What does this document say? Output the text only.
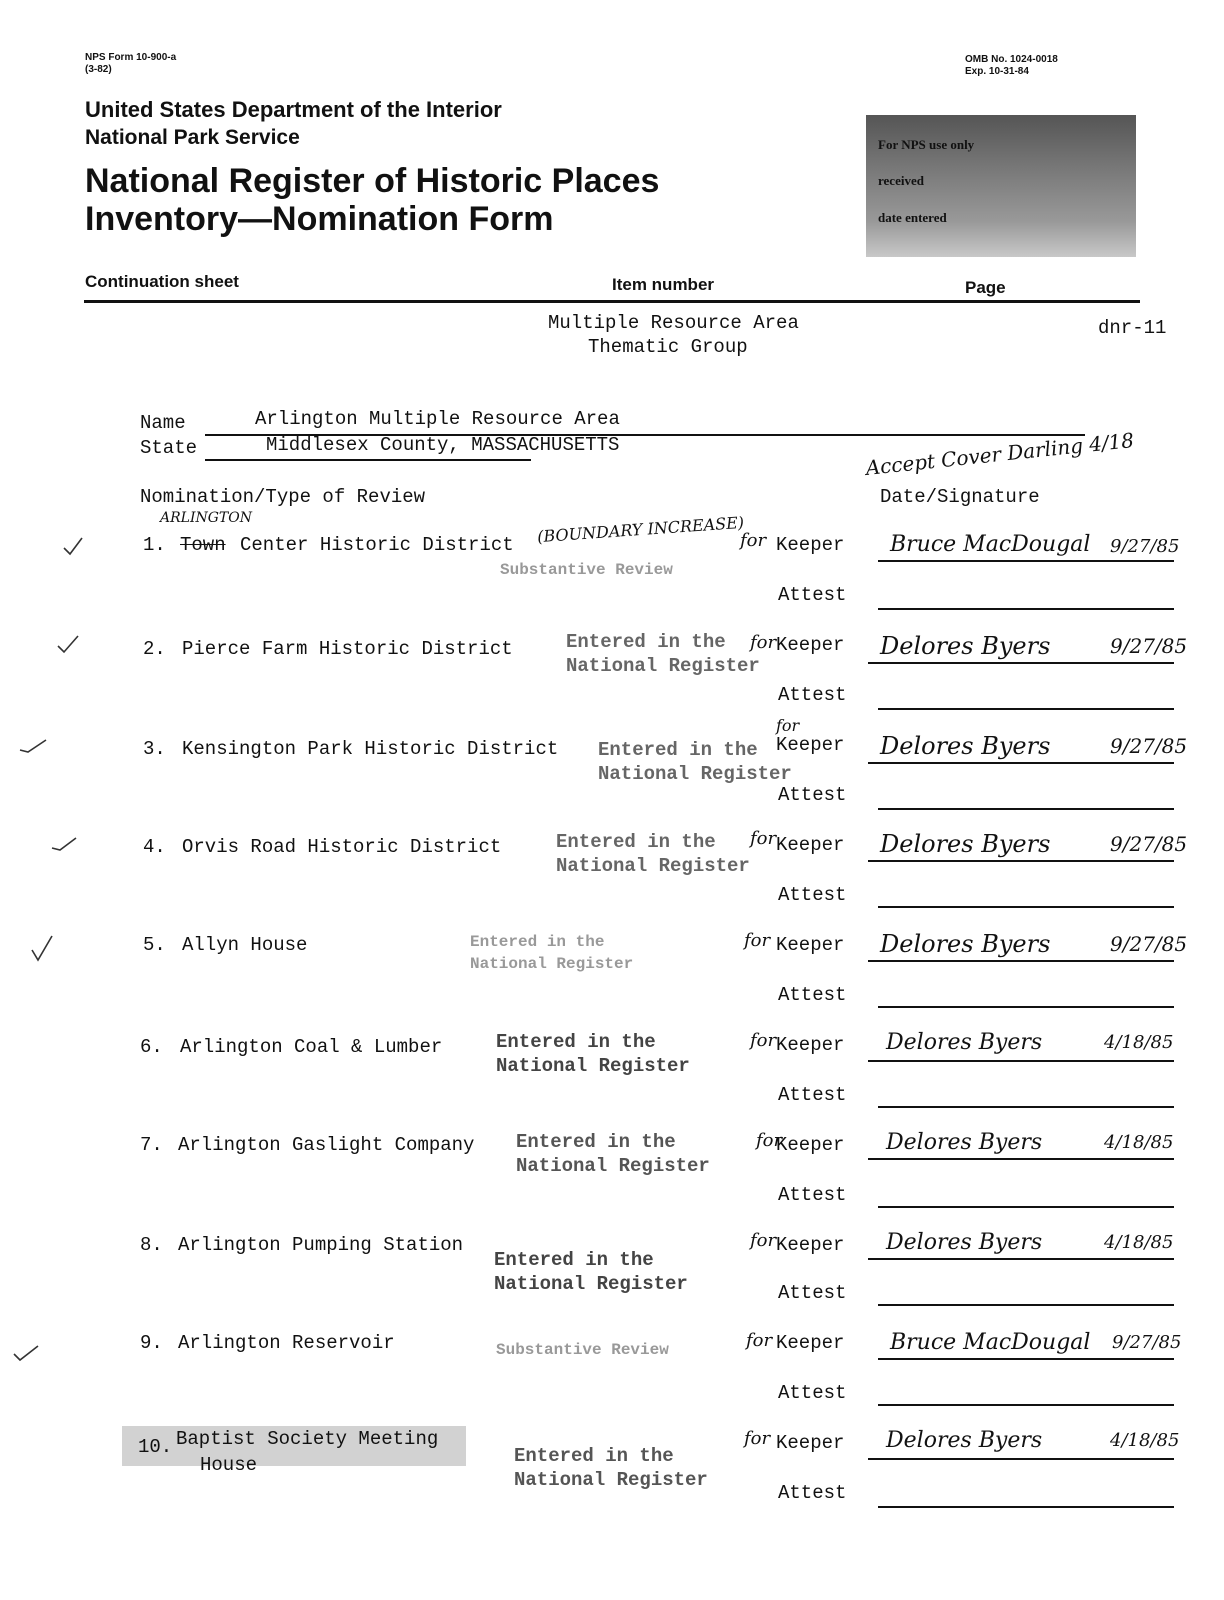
NPS Form 10-900-a
(3-82)
OMB No. 1024-0018
Exp. 10-31-84
United States Department of the Interior
National Park Service
National Register of Historic Places
Inventory—Nomination Form
For NPS use only
received
date entered
Continuation sheet	Item number	Page
Multiple Resource Area
Thematic Group
dnr-11
Name	Arlington Multiple Resource Area
State	Middlesex County, MASSACHUSETTS	Accept Cover Darling 4/18
Nomination/Type of Review	Date/Signature
1.
ARLINGTON
Town Center Historic District (BOUNDARY INCREASE)
Substantive Review
for Keeper Bruce MacDougal 9/27/85
Attest
2. Pierce Farm Historic District	Entered in the
National Register
for Keeper Delores Byers	9/27/85
Attest
3. Kensington Park Historic District Entered in the
National Register
for
Keeper Delores Byers	9/27/85
Attest
4. Orvis Road Historic District	Entered in the
National Register
for Keeper Delores Byers	9/27/85
Attest
5. Allyn House	Entered in the
National Register
for Keeper Delores Byers	9/27/85
Attest
6. Arlington Coal & Lumber	Entered in the
National Register
for Keeper Delores Byers	4/18/85
Attest
7. Arlington Gaslight Company Entered in the
National Register
for
Keeper Delores Byers	4/18/85
Attest
8. Arlington Pumping Station
Entered in the
National Register
for Keeper Delores Byers	4/18/85
Attest
9. Arlington Reservoir	Substantive Review	for Keeper Bruce MacDougal 9/27/85
Attest
10. Baptist Society Meeting
House	Entered in the
National Register
for Keeper Delores Byers	4/18/85
Attest
